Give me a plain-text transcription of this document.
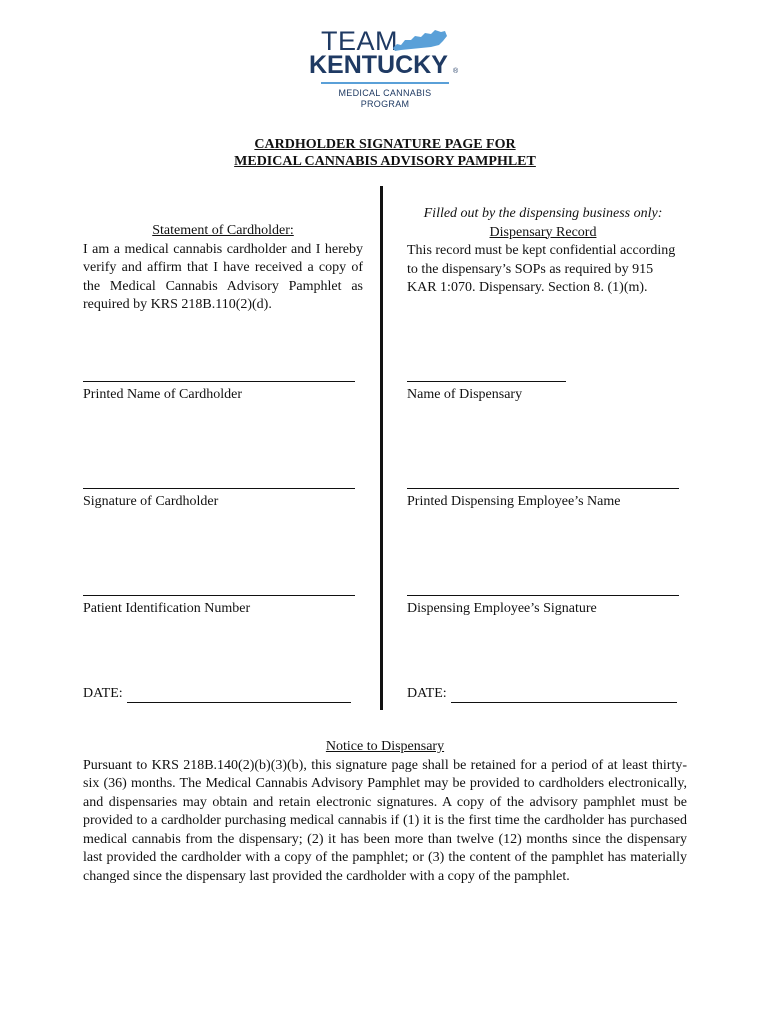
TEAM
KENTUCKY ®
MEDICAL CANNABIS
PROGRAM
CARDHOLDER SIGNATURE PAGE FOR
MEDICAL CANNABIS ADVISORY PAMPHLET
Statement of Cardholder:
I am a medical cannabis cardholder and I hereby verify and affirm that I have received a copy of the Medical Cannabis Advisory Pamphlet as required by KRS 218B.110(2)(d).
Filled out by the dispensing business only:
Dispensary Record
This record must be kept confidential according to the dispensary’s SOPs as required by 915 KAR 1:070. Dispensary. Section 8. (1)(m).
Printed Name of Cardholder
Signature of Cardholder
Patient Identification Number
DATE:
Name of Dispensary
Printed Dispensing Employee’s Name
Dispensing Employee’s Signature
DATE:
Notice to Dispensary
Pursuant to KRS 218B.140(2)(b)(3)(b), this signature page shall be retained for a period of at least thirty-six (36) months. The Medical Cannabis Advisory Pamphlet may be provided to cardholders electronically, and dispensaries may obtain and retain electronic signatures. A copy of the advisory pamphlet must be provided to a cardholder purchasing medical cannabis if (1) it is the first time the cardholder has purchased medical cannabis from the dispensary; (2) it has been more than twelve (12) months since the dispensary last provided the cardholder with a copy of the pamphlet; or (3) the content of the pamphlet has materially changed since the dispensary last provided the cardholder with a copy of the pamphlet.
